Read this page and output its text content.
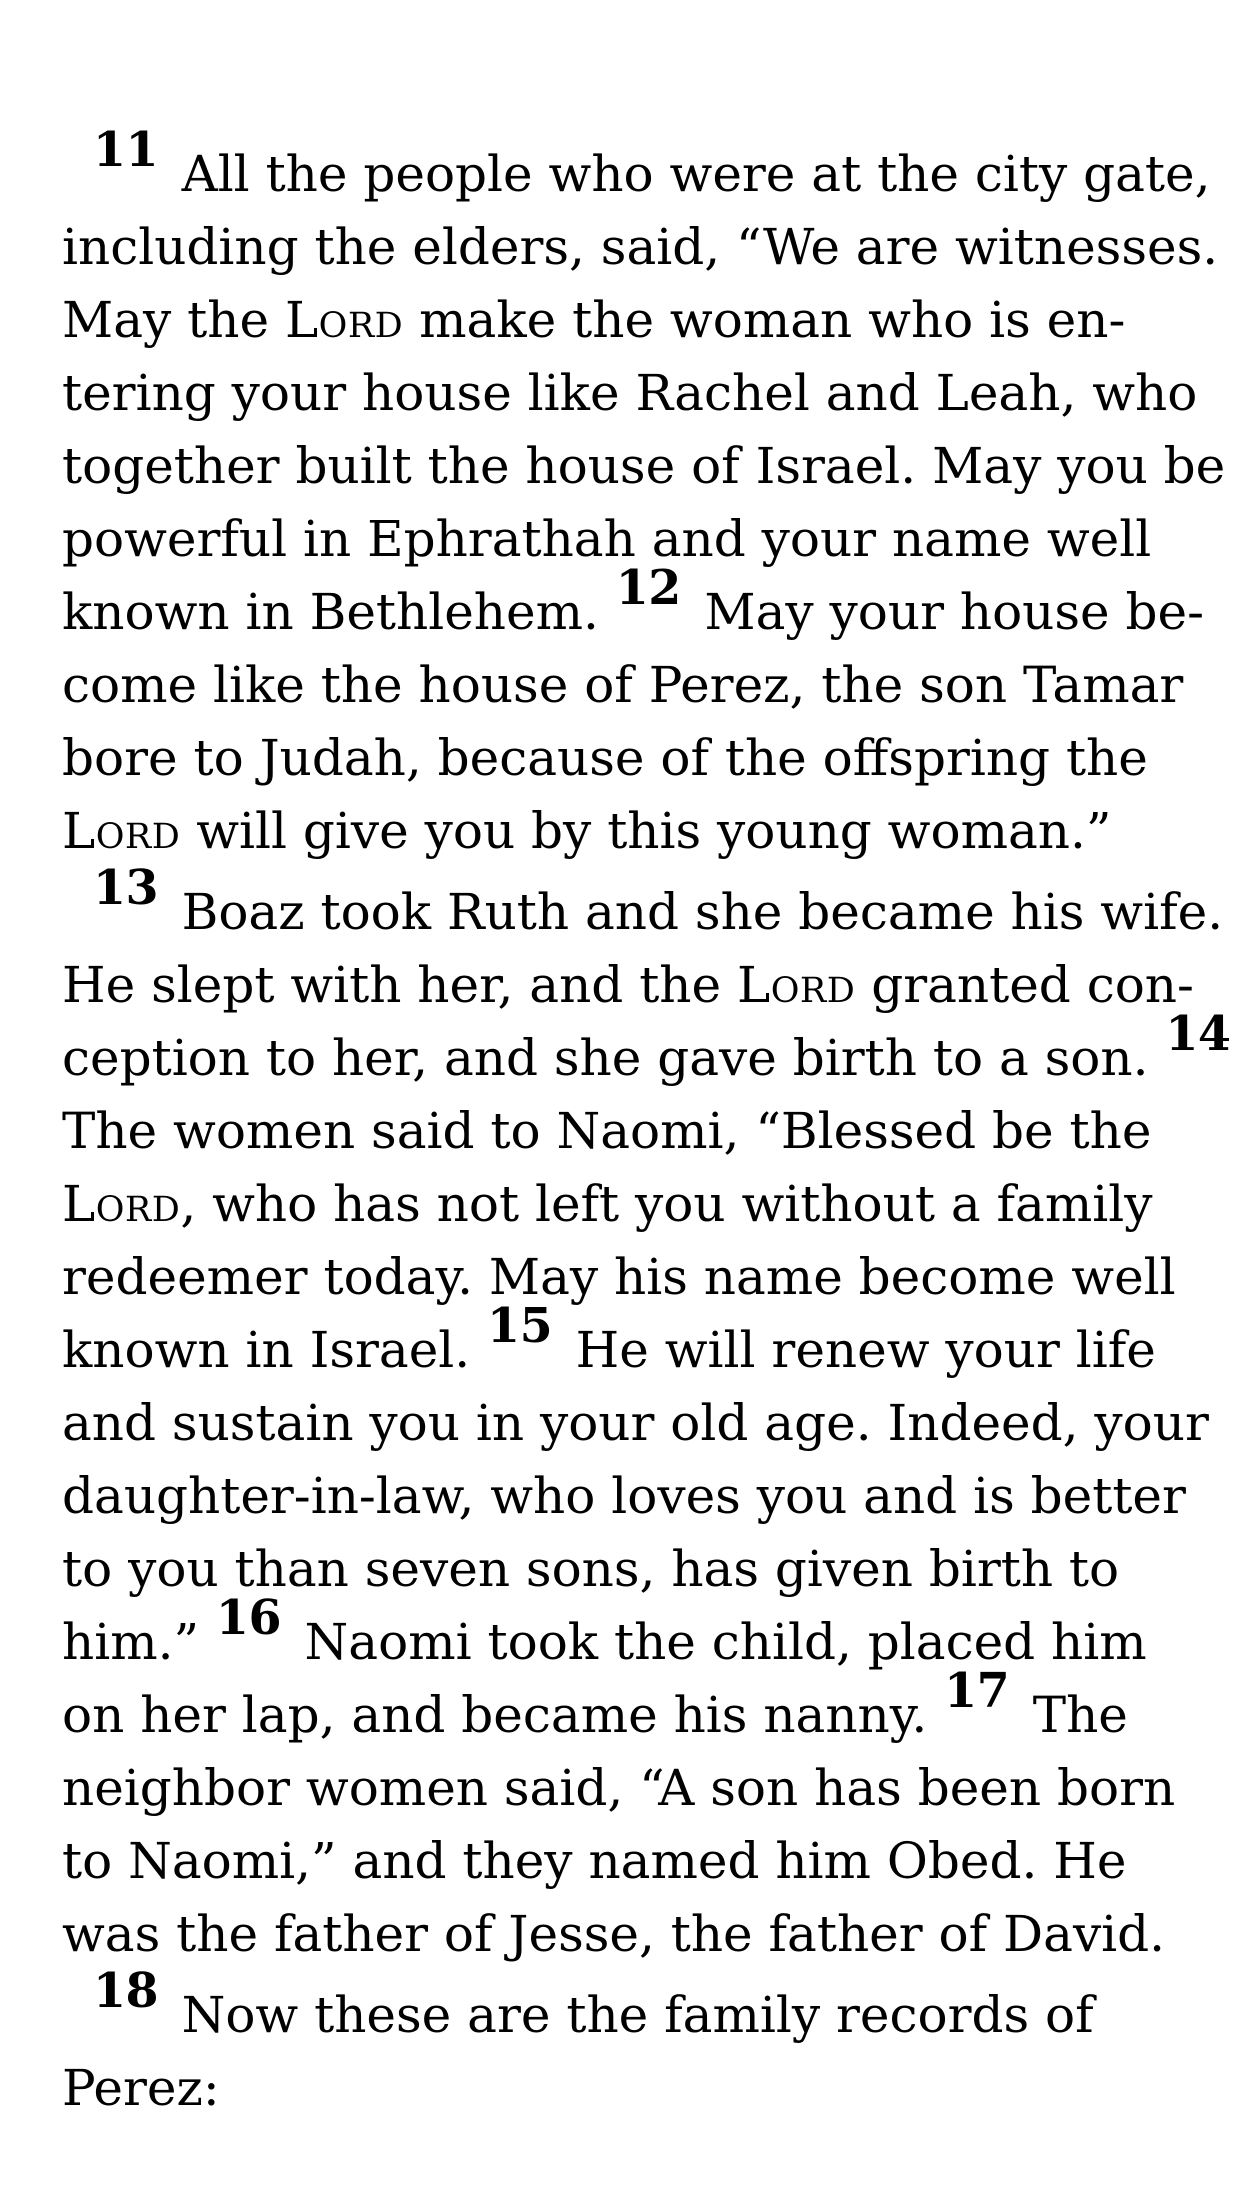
11 All the people who were at the city gate,
including the elders, said, “We are witnesses.
May the Lord make the woman who is en-
tering your house like Rachel and Leah, who
together built the house of Israel. May you be
powerful in Ephrathah and your name well
known in Bethlehem. 12 May your house be-
come like the house of Perez, the son Tamar
bore to Judah, because of the offspring the
Lord will give you by this young woman.”
13 Boaz took Ruth and she became his wife.
He slept with her, and the Lord granted con-
ception to her, and she gave birth to a son. 14
The women said to Naomi, “Blessed be the
Lord, who has not left you without a family
redeemer today. May his name become well
known in Israel. 15 He will renew your life
and sustain you in your old age. Indeed, your
daughter-in-law, who loves you and is better
to you than seven sons, has given birth to
him.” 16 Naomi took the child, placed him
on her lap, and became his nanny. 17 The
neighbor women said, “A son has been born
to Naomi,” and they named him Obed. He
was the father of Jesse, the father of David.
18 Now these are the family records of
Perez:
